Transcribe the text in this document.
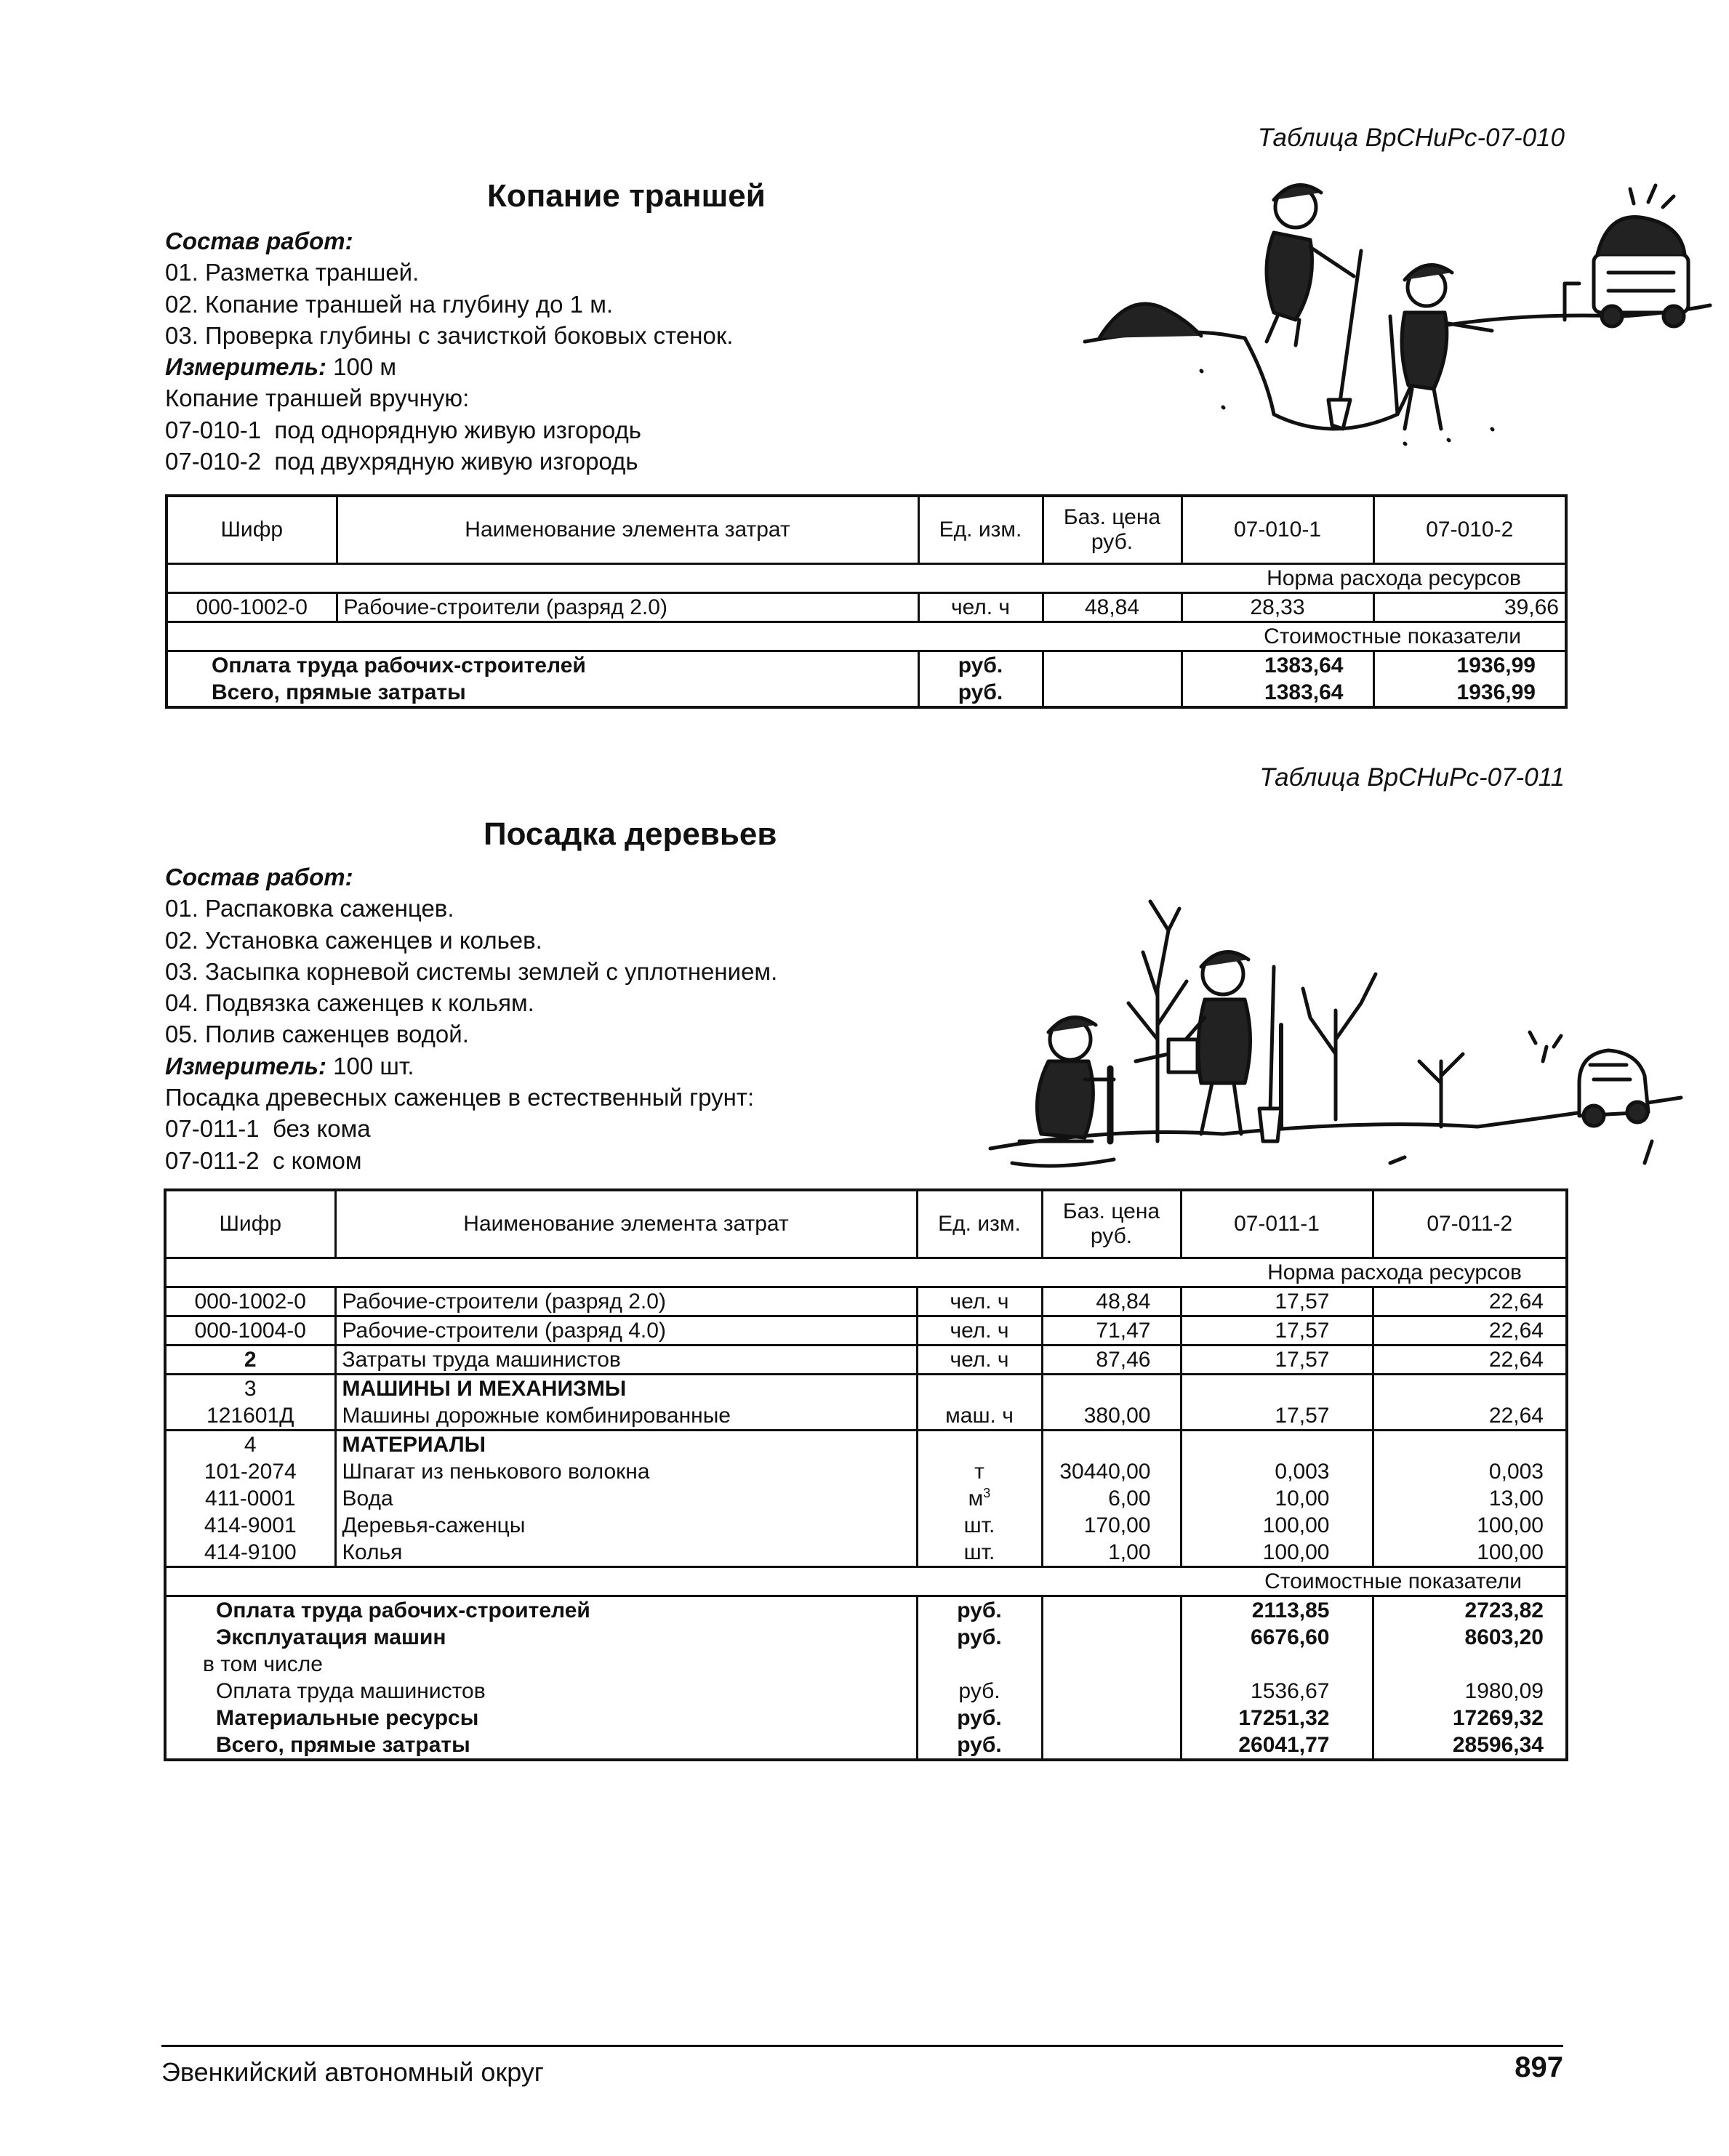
Таблица ВрСНиРс-07-010
Копание траншей
Состав работ:
01. Разметка траншей.
02. Копание траншей на глубину до 1 м.
03. Проверка глубины с зачисткой боковых стенок.
Измеритель: 100 м
Копание траншей вручную:
07-010-1  под однорядную живую изгородь
07-010-2  под двухрядную живую изгородь
Шифр	Наименование элемента затрат	Ед. изм.	Баз. цена руб.	07-010-1	07-010-2
Норма расхода ресурсов					
000-1002-0	Рабочие-строители (разряд 2.0)	чел. ч	48,84	28,33	39,66
Стоимостные показатели					
Оплата труда рабочих-строителей		руб.		1383,64	1936,99
Всего, прямые затраты		руб.		1383,64	1936,99
Таблица ВрСНиРс-07-011
Посадка деревьев
Состав работ:
01. Распаковка саженцев.
02. Установка саженцев и кольев.
03. Засыпка корневой системы землей с уплотнением.
04. Подвязка саженцев к кольям.
05. Полив саженцев водой.
Измеритель: 100 шт.
Посадка древесных саженцев в естественный грунт:
07-011-1  без кома
07-011-2  с комом
Шифр	Наименование элемента затрат	Ед. изм.	Баз. цена руб.	07-011-1	07-011-2
Норма расхода ресурсов					
000-1002-0	Рабочие-строители (разряд 2.0)	чел. ч	48,84	17,57	22,64
000-1004-0	Рабочие-строители (разряд 4.0)	чел. ч	71,47	17,57	22,64
2	Затраты труда машинистов	чел. ч	87,46	17,57	22,64
3	МАШИНЫ И МЕХАНИЗМЫ				
121601Д	Машины дорожные комбинированные	маш. ч	380,00	17,57	22,64
4	МАТЕРИАЛЫ				
101-2074	Шпагат из пенькового волокна	т	30440,00	0,003	0,003
411-0001	Вода	$м^3$	6,00	10,00	13,00
414-9001	Деревья-саженцы	шт.	170,00	100,00	100,00
414-9100	Колья	шт.	1,00	100,00	100,00
Стоимостные показатели					
Оплата труда рабочих-строителей		руб.		2113,85	2723,82
Эксплуатация машин		руб.		6676,60	8603,20
в том числе					
Оплата труда машинистов		руб.		1536,67	1980,09
Материальные ресурсы		руб.		17251,32	17269,32
Всего, прямые затраты		руб.		26041,77	28596,34
Эвенкийский автономный округ	897
